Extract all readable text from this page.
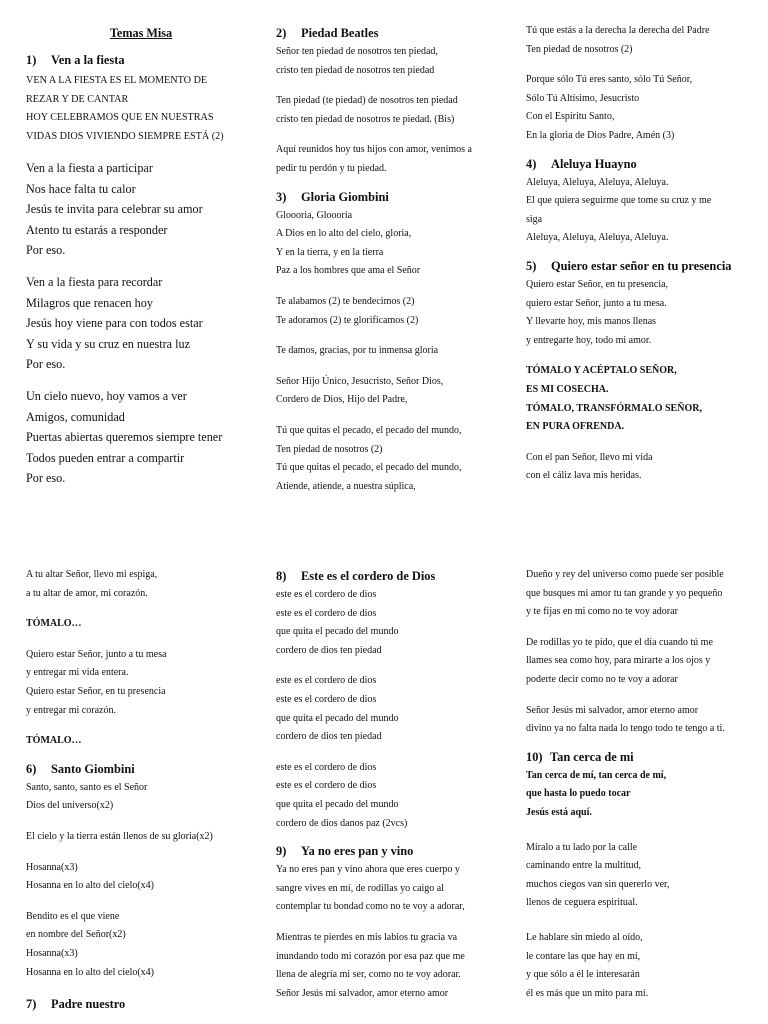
Temas Misa
1) Ven a la fiesta

VEN A LA FIESTA ES EL MOMENTO DE

REZAR Y DE CANTAR

HOY CELEBRAMOS QUE EN NUESTRAS

VIDAS DIOS VIVIENDO SIEMPRE ESTÁ (2)

Ven a la fiesta a participar

Nos hace falta tu calor

Jesús te invita para celebrar su amor

Atento tu estarás a responder

Por eso.

Ven a la fiesta para recordar

Milagros que renacen hoy

Jesús hoy viene para con todos estar

Y su vida y su cruz en nuestra luz

Por eso.

Un cielo nuevo, hoy vamos a ver

Amigos, comunidad

Puertas abiertas queremos siempre tener

Todos pueden entrar a compartir

Por eso.

2) Piedad Beatles

Señor ten piedad de nosotros ten piedad,

cristo ten piedad de nosotros ten piedad

Ten piedad (te piedad) de nosotros ten piedad

cristo ten piedad de nosotros te piedad. (Bis)

Aquí reunidos hoy tus hijos con amor, venimos a

pedir tu perdón y tu piedad.

3) Gloria Giombini

Gloooria, Gloooria

A Dios en lo alto del cielo, gloria,

Y en la tierra, y en la tierra

Paz a los hombres que ama el Señor

Te alabamos (2) te bendecimos (2)

Te adoramos (2) te glorificamos (2)

Te damos, gracias, por tu inmensa gloria

Señor Hijo Único, Jesucristo, Señor Dios,

Cordero de Dios, Hijo del Padre,

Tú que quitas el pecado, el pecado del mundo,

Ten piedad de nosotros (2)

Tú que quitas el pecado, el pecado del mundo,

Atiende, atiende, a nuestra súplica,

Tú que estás a la derecha la derecha del Padre

Ten piedad de nosotros (2)

Porque sólo Tú eres santo, sólo Tú Señor,

Sólo Tú Altísimo, Jesucristo

Con el Espíritu Santo,

En la gloria de Dios Padre, Amén (3)

4) Aleluya Huayno

Aleluya, Aleluya, Aleluya, Aleluya.

El que quiera seguirme que tome su cruz y me

siga

Aleluya, Aleluya, Aleluya, Aleluya.

5) Quiero estar señor en tu presencia

Quiero estar Señor, en tu presencia,

quiero estar Señor, junto a tu mesa.

Y llevarte hoy, mis manos llenas

y entregarte hoy, todo mi amor.

TÓMALO Y ACÉPTALO SEÑOR,

ES MI COSECHA.

TÓMALO, TRANSFÓRMALO SEÑOR,

EN PURA OFRENDA.

Con el pan Señor, llevo mi vida

con el cáliz lava mis heridas.

A tu altar Señor, llevo mi espiga,

a tu altar de amor, mi corazón.

TÓMALO…

Quiero estar Señor, junto a tu mesa

y entregar mi vida entera.

Quiero estar Señor, en tu presencia

y entregar mi corazón.

TÓMALO…

6) Santo Giombini

Santo, santo, santo es el Señor

Dios del universo(x2)

El cielo y la tierra están llenos de su gloria(x2)

Hosanna(x3)

Hosanna en lo alto del cielo(x4)

Bendito es el que viene

en nombre del Señor(x2)

Hosanna(x3)

Hosanna en lo alto del cielo(x4)

7) Padre nuestro
8) Este es el cordero de Dios

este es el cordero de dios

este es el cordero de dios

que quita el pecado del mundo

cordero de dios ten piedad

este es el cordero de dios

este es el cordero de dios

que quita el pecado del mundo

cordero de dios ten piedad

este es el cordero de dios

este es el cordero de dios

que quita el pecado del mundo

cordero de dios danos paz (2vcs)

9) Ya no eres pan y vino

Ya no eres pan y vino ahora que eres cuerpo y

sangre vives en mí, de rodillas yo caigo al

contemplar tu bondad como no te voy a adorar,

Mientras te pierdes en mis labios tu gracia va

inundando todo mi corazón por esa paz que me

llena de alegría mi ser, como no te voy adorar.

Señor Jesús mi salvador, amor eterno amor

Dueño y rey del universo como puede ser posible

que busques mi amor tu tan grande y yo pequeño

y te fijas en mi como no te voy adorar

De rodillas yo te pido, que el día cuando tú me

llames sea como hoy, para mirarte a los ojos y

poderte decir como no te voy a adorar

Señor Jesús mi salvador, amor eterno amor

divino ya no falta nada lo tengo todo te tengo a ti.

10) Tan cerca de mi

Tan cerca de mí, tan cerca de mí,

que hasta lo puedo tocar

Jesús está aquí.

Míralo a tu lado por la calle

caminando entre la multitud,

muchos ciegos van sin quererlo ver,

llenos de ceguera espiritual.

Le hablare sin miedo al oído,

le contare las que hay en mí,

y que sólo a él le interesarán

él es más que un mito para mí.
